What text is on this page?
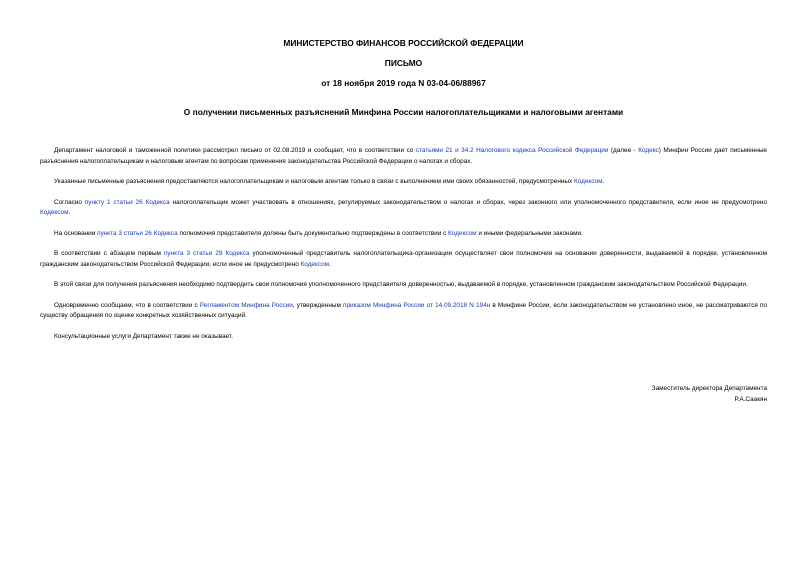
МИНИСТЕРСТВО ФИНАНСОВ РОССИЙСКОЙ ФЕДЕРАЦИИ
ПИСЬМО
от 18 ноября 2019 года N 03-04-06/88967
О получении письменных разъяснений Минфина России налогоплательщиками и налоговыми агентами

Департамент налоговой и таможенной политики рассмотрел письмо от 02.08.2019 и сообщает, что в соответствии со статьями 21 и 34.2 Налогового кодекса Российской Федерации (далее - Кодекс) Минфин России дает письменные разъяснения налогоплательщикам и налоговым агентам по вопросам применения законодательства Российской Федерации о налогах и сборах.

Указанные письменные разъяснения предоставляются налогоплательщикам и налоговым агентам только в связи с выполнением ими своих обязанностей, предусмотренных Кодексом.

Согласно пункту 1 статьи 26 Кодекса налогоплательщик может участвовать в отношениях, регулируемых законодательством о налогах и сборах, через законного или уполномоченного представителя, если иное не предусмотрено Кодексом.

На основании пункта 3 статьи 26 Кодекса полномочия представителя должны быть документально подтверждены в соответствии с Кодексом и иными федеральными законами.

В соответствии с абзацем первым пункта 3 статьи 29 Кодекса уполномоченный представитель налогоплательщика-организации осуществляет свои полномочия на основании доверенности, выдаваемой в порядке, установленном гражданским законодательством Российской Федерации, если иное не предусмотрено Кодексом.

В этой связи для получения разъяснения необходимо подтвердить свои полномочия уполномоченного представителя доверенностью, выдаваемой в порядке, установленном гражданским законодательством Российской Федерации.

Одновременно сообщаем, что в соответствии с Регламентом Минфина России, утвержденным приказом Минфина России от 14.09.2018 N 194н в Минфине России, если законодательством не установлено иное, не рассматриваются по существу обращения по оценке конкретных хозяйственных ситуаций.

Консультационные услуги Департамент также не оказывает.

Заместитель директора Департамента
Р.А.Саакян
